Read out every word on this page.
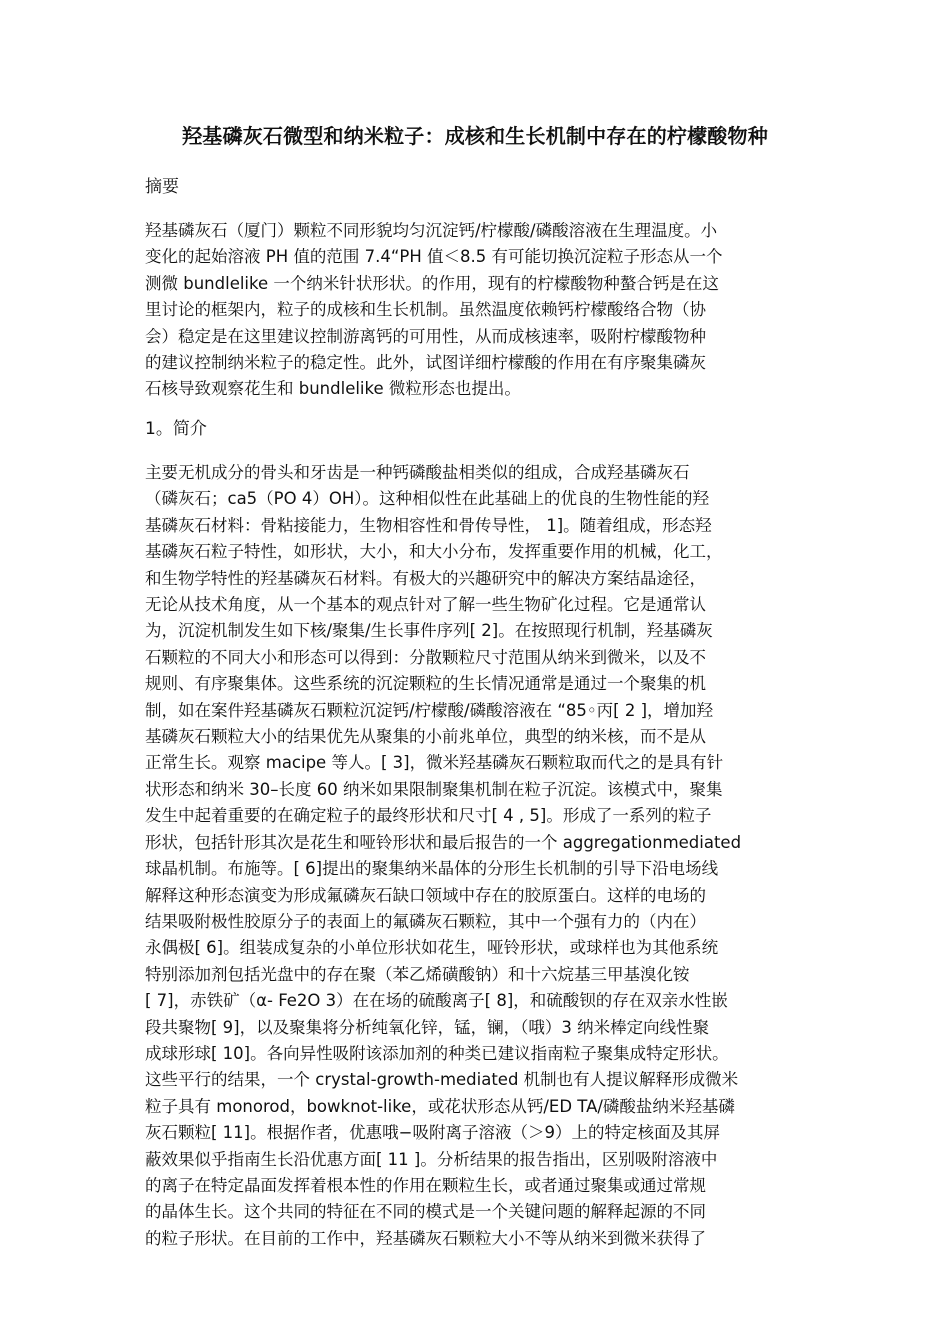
羟基磷灰石微型和纳米粒子：成核和生长机制中存在的柠檬酸物种
摘要

羟基磷灰石（厦门）颗粒不同形貌均匀沉淀钙/柠檬酸/磷酸溶液在生理温度。小
变化的起始溶液 PH 值的范围 7.4“PH 值＜8.5 有可能切换沉淀粒子形态从一个
测微 bundlelike 一个纳米针状形状。的作用，现有的柠檬酸物种螯合钙是在这
里讨论的框架内，粒子的成核和生长机制。虽然温度依赖钙柠檬酸络合物（协
会）稳定是在这里建议控制游离钙的可用性，从而成核速率，吸附柠檬酸物种
的建议控制纳米粒子的稳定性。此外，试图详细柠檬酸的作用在有序聚集磷灰
石核导致观察花生和 bundlelike 微粒形态也提出。

1。简介

主要无机成分的骨头和牙齿是一种钙磷酸盐相类似的组成，合成羟基磷灰石
（磷灰石；ca5（PO 4）OH）。这种相似性在此基础上的优良的生物性能的羟
基磷灰石材料：骨粘接能力，生物相容性和骨传导性， 1]。随着组成，形态羟
基磷灰石粒子特性，如形状，大小，和大小分布，发挥重要作用的机械，化工，
和生物学特性的羟基磷灰石材料。有极大的兴趣研究中的解决方案结晶途径，
无论从技术角度，从一个基本的观点针对了解一些生物矿化过程。它是通常认
为，沉淀机制发生如下核/聚集/生长事件序列[ 2]。在按照现行机制，羟基磷灰
石颗粒的不同大小和形态可以得到：分散颗粒尺寸范围从纳米到微米，以及不
规则、有序聚集体。这些系统的沉淀颗粒的生长情况通常是通过一个聚集的机
制，如在案件羟基磷灰石颗粒沉淀钙/柠檬酸/磷酸溶液在 “85◦丙[ 2 ]，增加羟
基磷灰石颗粒大小的结果优先从聚集的小前兆单位，典型的纳米核，而不是从
正常生长。观察 macipe 等人。[ 3]，微米羟基磷灰石颗粒取而代之的是具有针
状形态和纳米 30–长度 60 纳米如果限制聚集机制在粒子沉淀。该模式中，聚集
发生中起着重要的在确定粒子的最终形状和尺寸[ 4 , 5]。形成了一系列的粒子
形状，包括针形其次是花生和哑铃形状和最后报告的一个 aggregationmediated
球晶机制。布施等。[ 6]提出的聚集纳米晶体的分形生长机制的引导下沿电场线
解释这种形态演变为形成氟磷灰石缺口领域中存在的胶原蛋白。这样的电场的
结果吸附极性胶原分子的表面上的氟磷灰石颗粒，其中一个强有力的（内在）
永偶极[ 6]。组装成复杂的小单位形状如花生，哑铃形状，或球样也为其他系统
特别添加剂包括光盘中的存在聚（苯乙烯磺酸钠）和十六烷基三甲基溴化铵
[ 7]，赤铁矿（α- Fe2O 3）在在场的硫酸离子[ 8]，和硫酸钡的存在双亲水性嵌
段共聚物[ 9]，以及聚集将分析纯氧化锌，锰，镧，（哦）3 纳米棒定向线性聚
成球形球[ 10]。各向异性吸附该添加剂的种类已建议指南粒子聚集成特定形状。
这些平行的结果，一个 crystal-growth-mediated 机制也有人提议解释形成微米
粒子具有 monorod，bowknot-like，或花状形态从钙/ED TA/磷酸盐纳米羟基磷
灰石颗粒[ 11]。根据作者，优惠哦−吸附离子溶液（＞9）上的特定核面及其屏
蔽效果似乎指南生长沿优惠方面[ 11 ]。分析结果的报告指出，区别吸附溶液中
的离子在特定晶面发挥着根本性的作用在颗粒生长，或者通过聚集或通过常规
的晶体生长。这个共同的特征在不同的模式是一个关键问题的解释起源的不同
的粒子形状。在目前的工作中，羟基磷灰石颗粒大小不等从纳米到微米获得了
